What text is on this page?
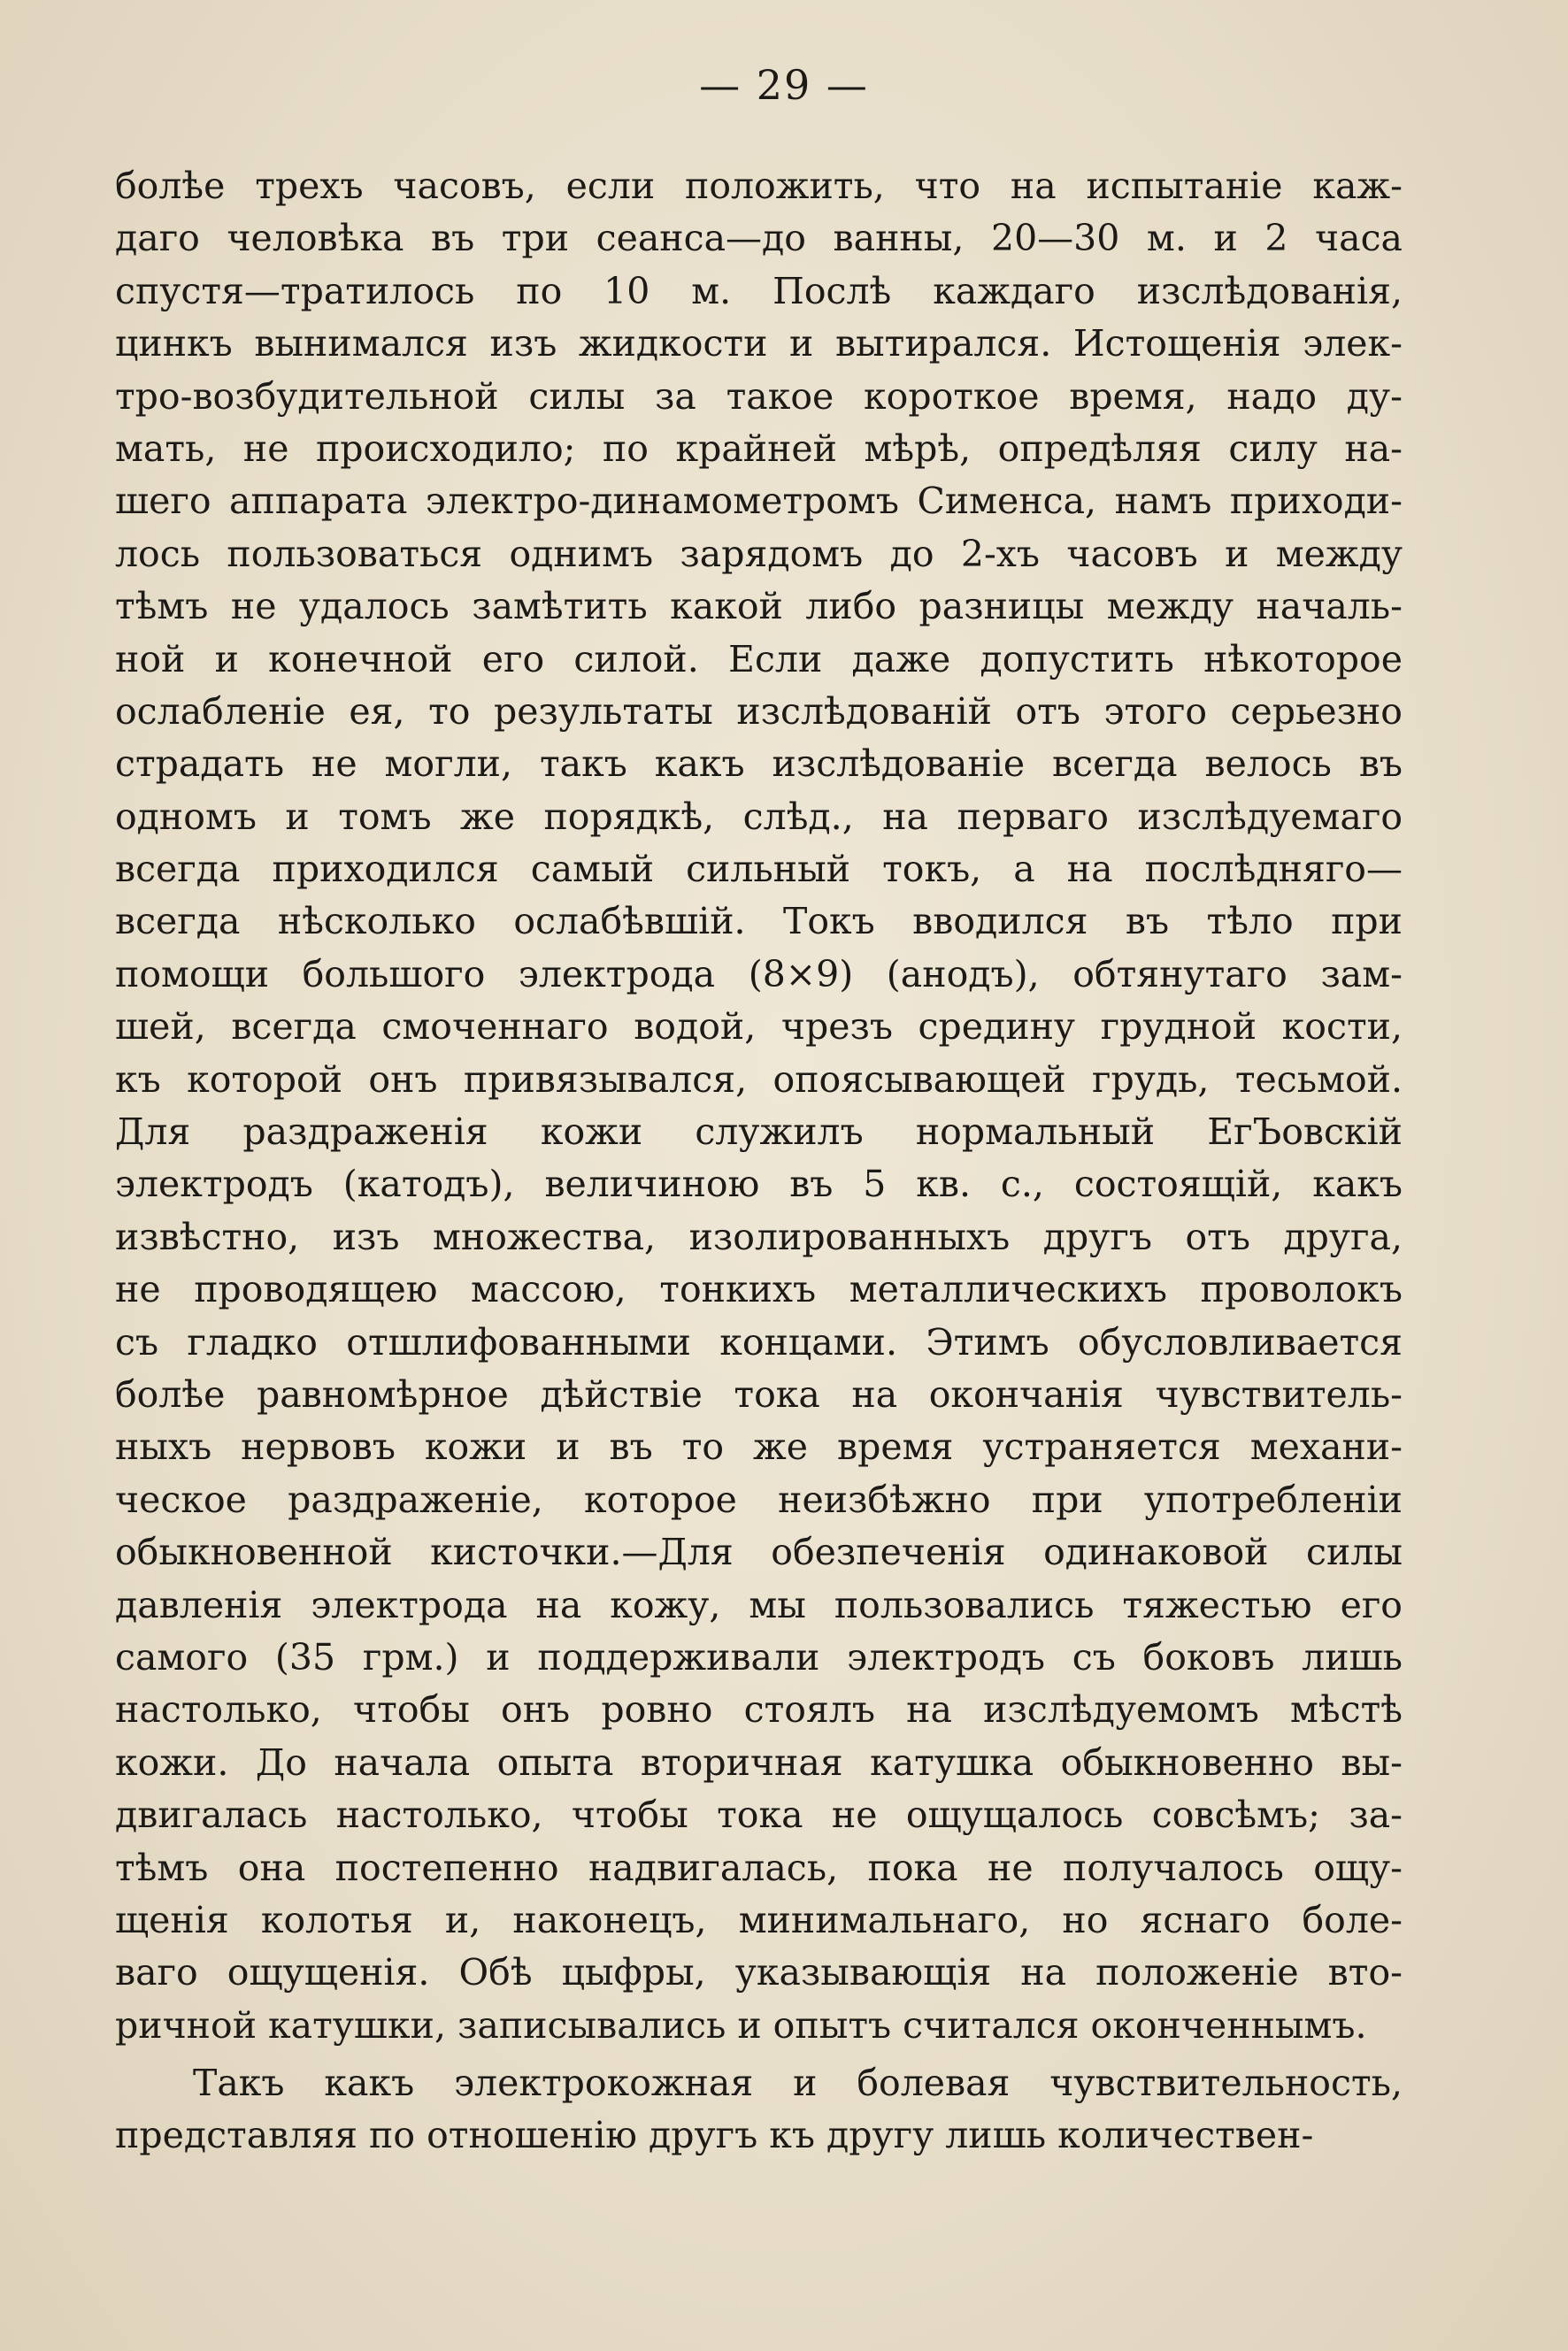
— 29 —
болѣе трехъ часовъ, если положить, что на испытаніе каж-
даго человѣка въ три сеанса—до ванны, 20—30 м. и 2 часа
спустя—тратилось по 10 м. Послѣ каждаго изслѣдованія,
цинкъ вынимался изъ жидкости и вытирался. Истощенія элек-
тро-возбудительной силы за такое короткое время, надо ду-
мать, не происходило; по крайней мѣрѣ, опредѣляя силу на-
шего аппарата электро-динамометромъ Сименса, намъ приходи-
лось пользоваться однимъ зарядомъ до 2-хъ часовъ и между
тѣмъ не удалось замѣтить какой либо разницы между началь-
ной и конечной его силой. Если даже допустить нѣкоторое
ослабленіе ея, то результаты изслѣдованій отъ этого серьезно
страдать не могли, такъ какъ изслѣдованіе всегда велось въ
одномъ и томъ же порядкѣ, слѣд., на перваго изслѣдуемаго
всегда приходился самый сильный токъ, а на послѣдняго—
всегда нѣсколько ослабѣвшій. Токъ вводился въ тѣло при
помощи большого электрода (8×9) (анодъ), обтянутаго зам-
шей, всегда смоченнаго водой, чрезъ средину грудной кости,
къ которой онъ привязывался, опоясывающей грудь, тесьмой.
Для раздраженія кожи служилъ нормальный ЕгЪовскій
электродъ (катодъ), величиною въ 5 кв. с., состоящій, какъ
извѣстно, изъ множества, изолированныхъ другъ отъ друга,
не проводящею массою, тонкихъ металлическихъ проволокъ
съ гладко отшлифованными концами. Этимъ обусловливается
болѣе равномѣрное дѣйствіе тока на окончанія чувствитель-
ныхъ нервовъ кожи и въ то же время устраняется механи-
ческое раздраженіе, которое неизбѣжно при употребленіи
обыкновенной кисточки.—Для обезпеченія одинаковой силы
давленія электрода на кожу, мы пользовались тяжестью его
самого (35 грм.) и поддерживали электродъ съ боковъ лишь
настолько, чтобы онъ ровно стоялъ на изслѣдуемомъ мѣстѣ
кожи. До начала опыта вторичная катушка обыкновенно вы-
двигалась настолько, чтобы тока не ощущалось совсѣмъ; за-
тѣмъ она постепенно надвигалась, пока не получалось ощу-
щенія колотья и, наконецъ, минимальнаго, но яснаго боле-
ваго ощущенія. Обѣ цыфры, указывающія на положеніе вто-
ричной катушки, записывались и опытъ считался оконченнымъ.
Такъ какъ электрокожная и болевая чувствительность,
представляя по отношенію другъ къ другу лишь количествен-
